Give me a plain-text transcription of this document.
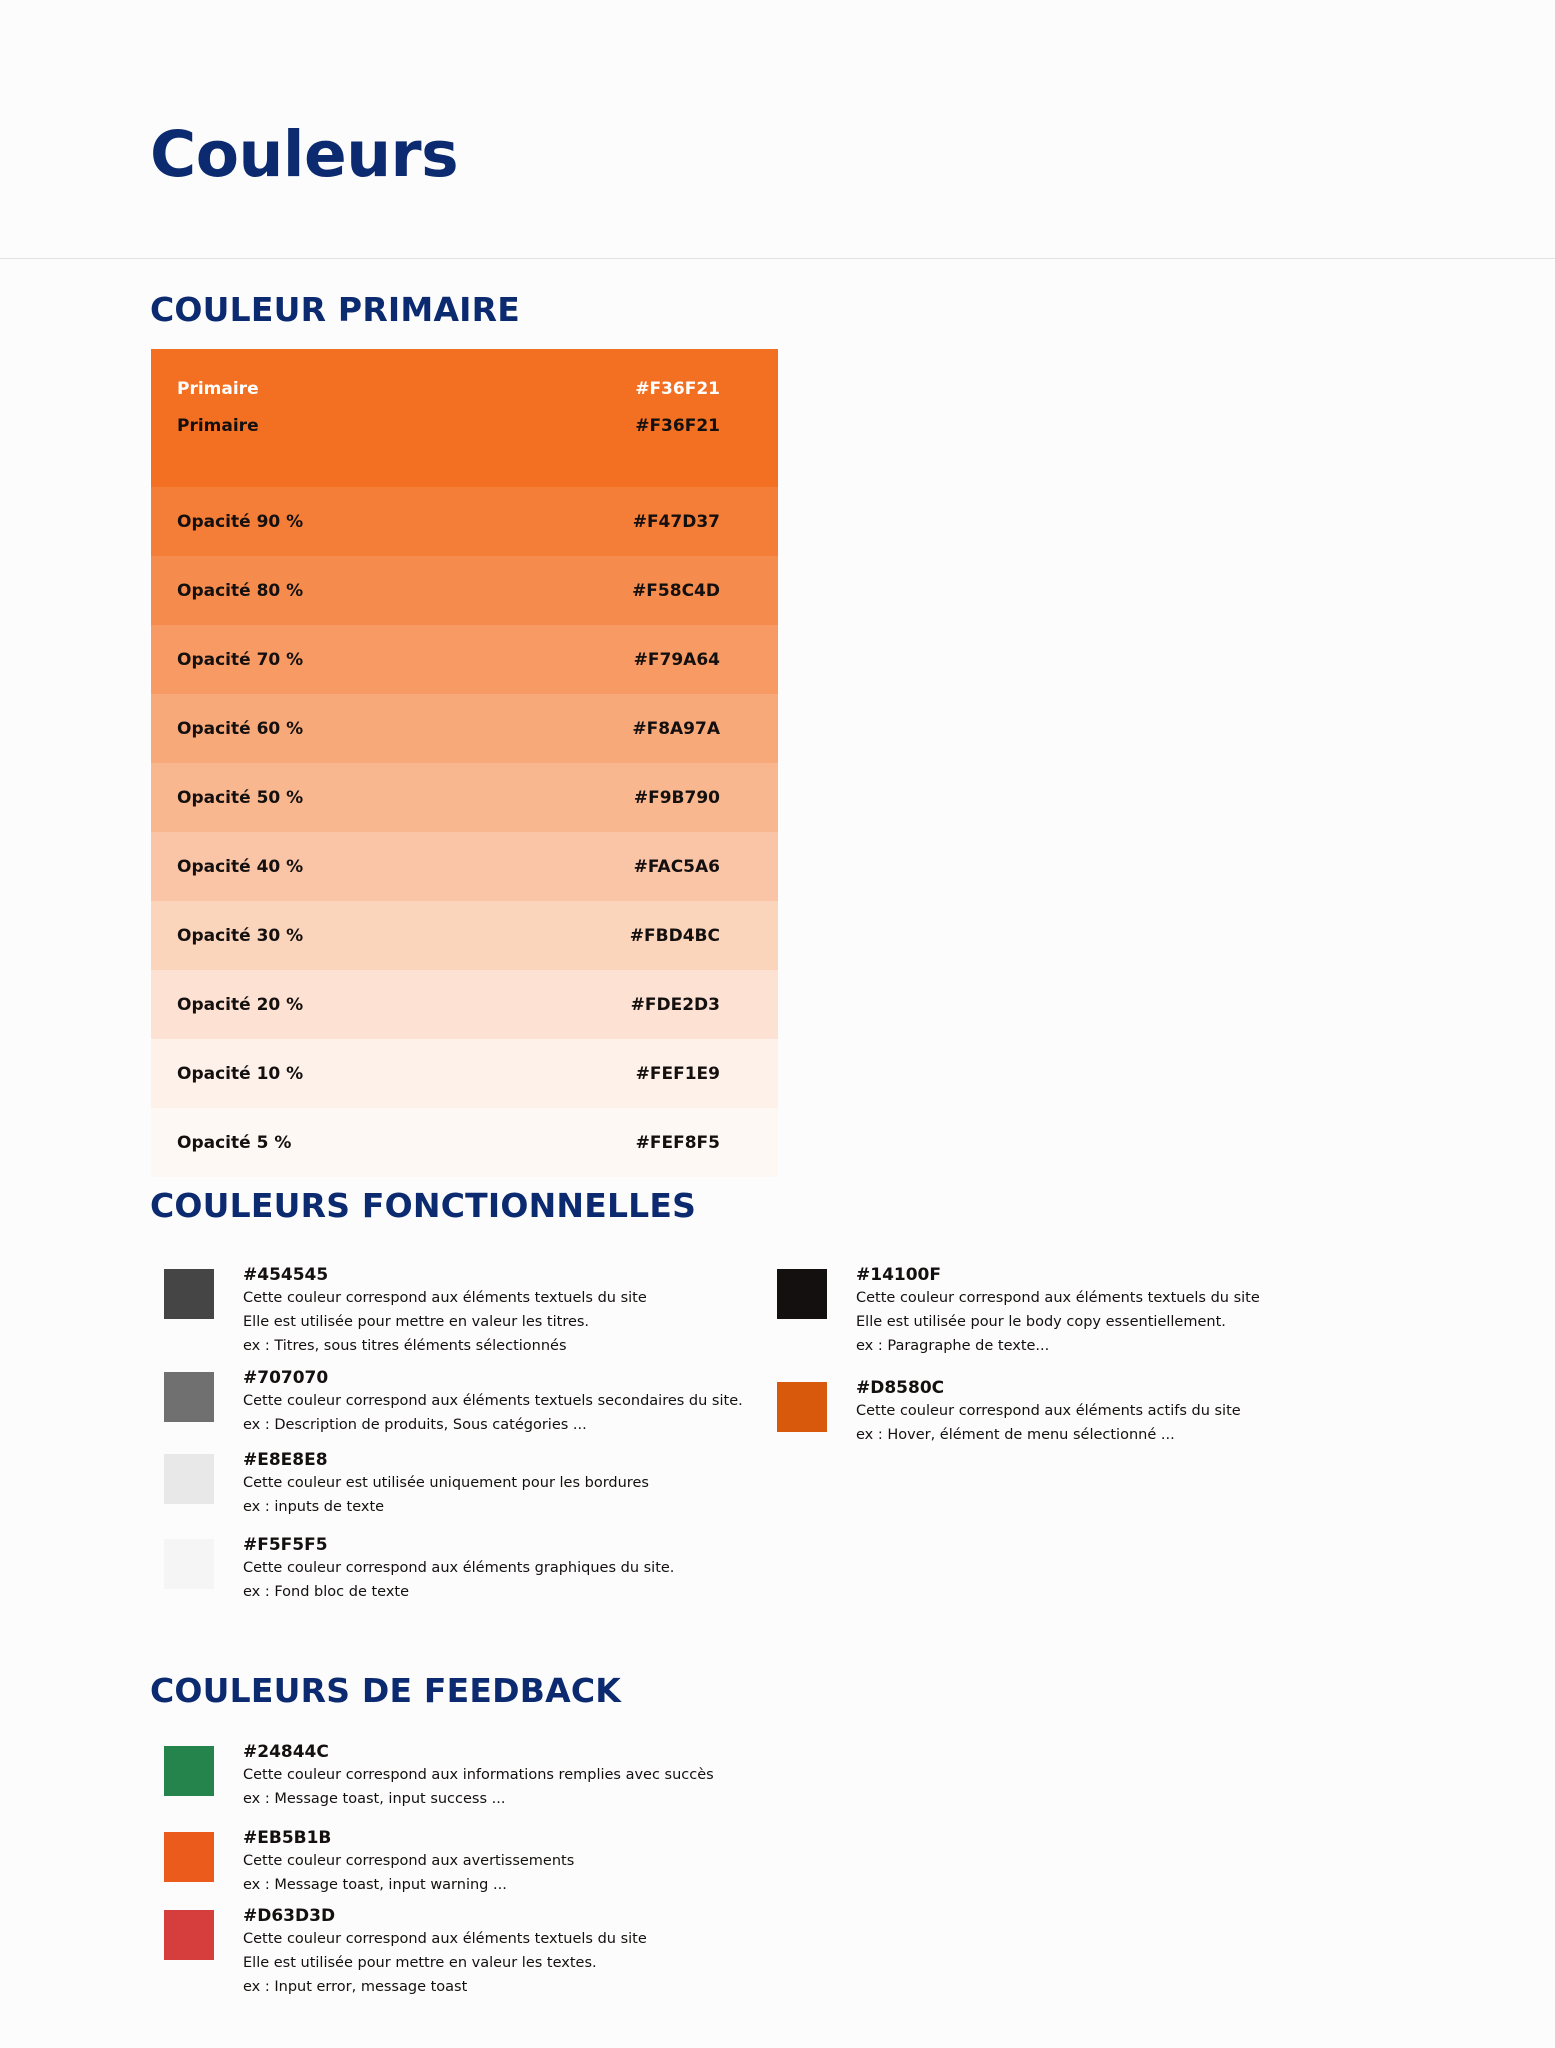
Couleurs
COULEUR PRIMAIRE
Primaire	#F36F21
Primaire	#F36F21
Opacité 90 %	#F47D37
Opacité 80 %	#F58C4D
Opacité 70 %	#F79A64
Opacité 60 %	#F8A97A
Opacité 50 %	#F9B790
Opacité 40 %	#FAC5A6
Opacité 30 %	#FBD4BC
Opacité 20 %	#FDE2D3
Opacité 10 %	#FEF1E9
Opacité 5 %	#FEF8F5
COULEURS FONCTIONNELLES
#454545
Cette couleur correspond aux éléments textuels du site
Elle est utilisée pour mettre en valeur les titres.
ex : Titres, sous titres éléments sélectionnés
#707070
Cette couleur correspond aux éléments textuels secondaires du site.
ex : Description de produits, Sous catégories ...
#E8E8E8
Cette couleur est utilisée uniquement pour les bordures
ex : inputs de texte
#F5F5F5
Cette couleur correspond aux éléments graphiques du site.
ex : Fond bloc de texte
#14100F
Cette couleur correspond aux éléments textuels du site
Elle est utilisée pour le body copy essentiellement.
ex : Paragraphe de texte...
#D8580C
Cette couleur correspond aux éléments actifs du site
ex : Hover, élément de menu sélectionné ...
COULEURS DE FEEDBACK
#24844C
Cette couleur correspond aux informations remplies avec succès
ex : Message toast, input success ...
#EB5B1B
Cette couleur correspond aux avertissements
ex : Message toast, input warning ...
#D63D3D
Cette couleur correspond aux éléments textuels du site
Elle est utilisée pour mettre en valeur les textes.
ex : Input error, message toast
